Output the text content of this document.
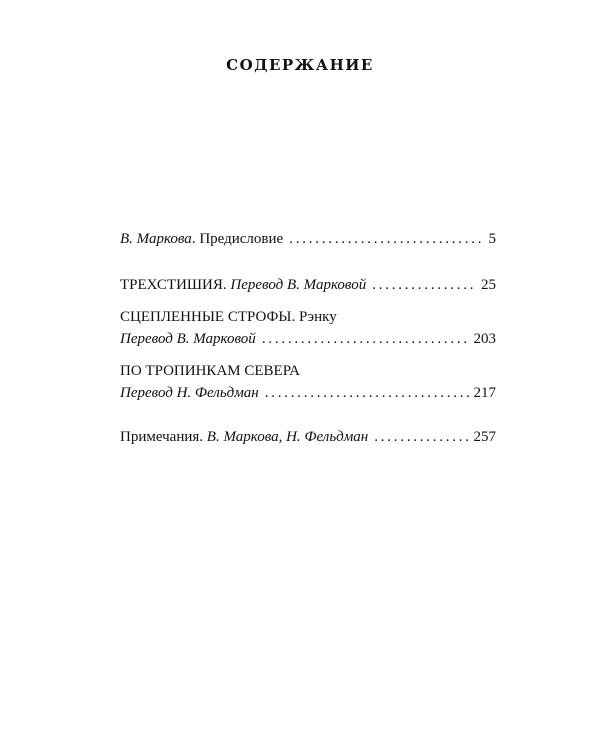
СОДЕРЖАНИЕ
В. Маркова. Предисловие . . .	5
ТРЕХСТИШИЯ. Перевод В. Марковой . . .	25
СЦЕПЛЕННЫЕ СТРОФЫ. Рэнку
Перевод В. Марковой . . .	203
ПО ТРОПИНКАМ СЕВЕРА
Перевод Н. Фельдман . . .	217
Примечания. В. Маркова, Н. Фельдман . . .	257
